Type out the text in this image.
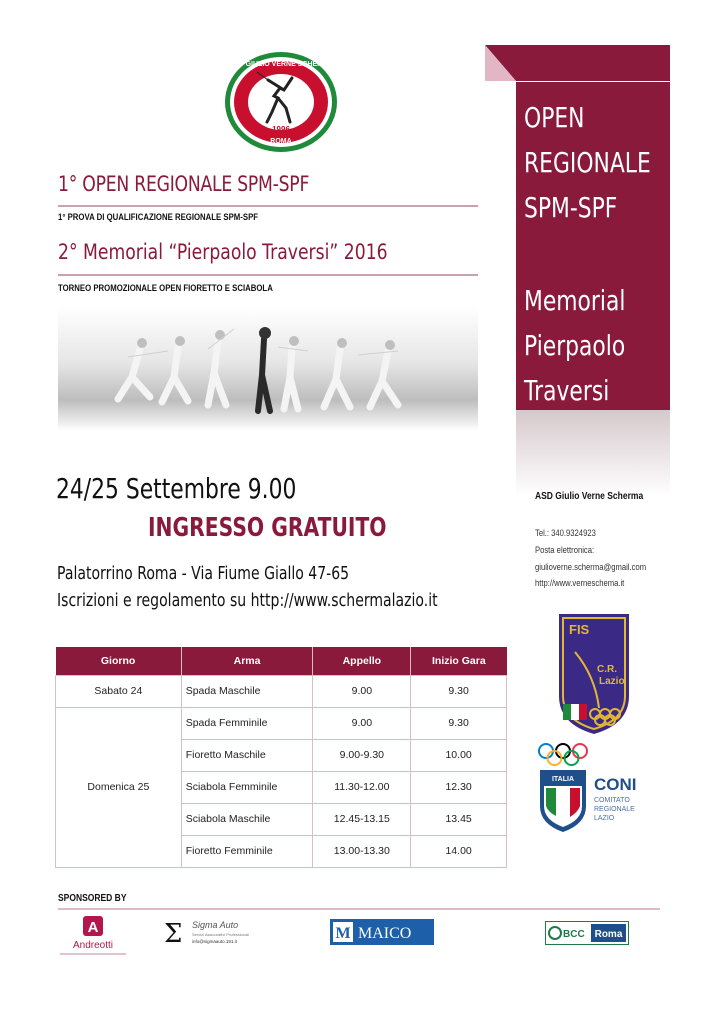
ASD GIULIO VERNE SCHERMA
1996
ROMA
1° OPEN REGIONALE SPM-SPF
1° PROVA DI QUALIFICAZIONE REGIONALE SPM-SPF
2° Memorial “Pierpaolo Traversi” 2016
TORNEO PROMOZIONALE OPEN FIORETTO E SCIABOLA
24/25 Settembre 9.00
INGRESSO GRATUITO
Palatorrino Roma - Via Fiume Giallo 47-65
Iscrizioni e regolamento su http://www.schermalazio.it
Giorno	Arma	Appello	Inizio Gara
Sabato 24	Spada Maschile	9.00	9.30
Domenica 25	Spada Femminile	9.00	9.30
	Fioretto Maschile	9.00-9.30	10.00
	Sciabola Femminile	11.30-12.00	12.30
	Sciabola Maschile	12.45-13.15	13.45
	Fioretto Femminile	13.00-13.30	14.00
SPONSORED BY
A
Andreotti Σ Sigma Auto
Servizi Assicurativi Professionali
info@sigmaauto.191.it	M MAICO	BCC Roma
OPEN
REGIONALE
SPM-SPF
Memorial
Pierpaolo
Traversi
ASD Giulio Verne Scherma
Tel.: 340.9324923
Posta elettronica:
giulioverne.scherma@gmail.com
http://www.verneschema.it
FIS
C.R.
Lazio
ITALIA CONI
COMITATO
REGIONALE
LAZIO
